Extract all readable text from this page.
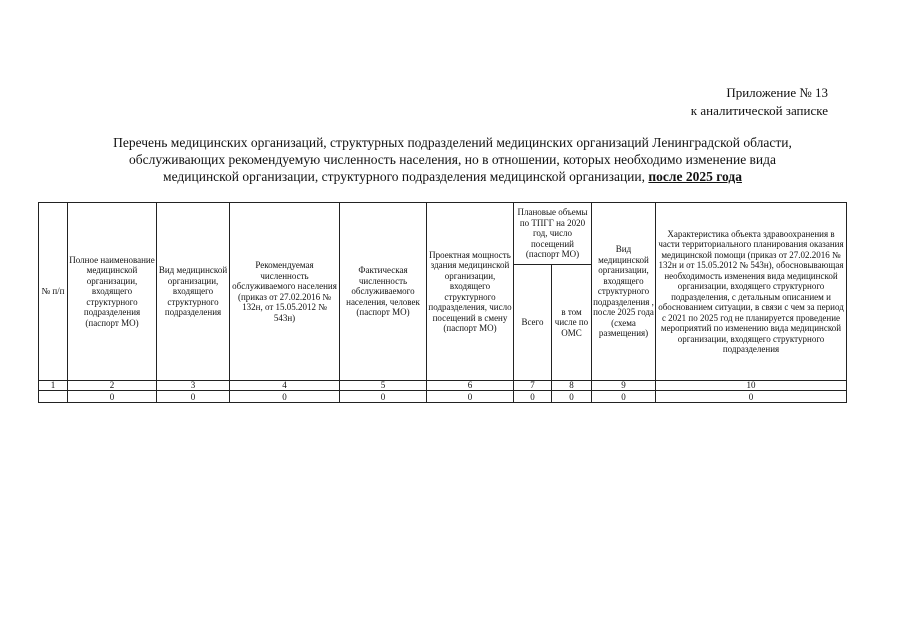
Приложение № 13
к аналитической записке
Перечень медицинских организаций, структурных подразделений медицинских организаций Ленинградской области,
обслуживающих рекомендуемую численность населения, но в отношении, которых необходимо изменение вида
медицинской организации, структурного подразделения медицинской организации, после 2025 года
№ п/п	Полное наименование медицинской организации, входящего структурного подразделения (паспорт МО)	Вид медицинской организации, входящего структурного подразделения	Рекомендуемая численность обслуживаемого населения (приказ от 27.02.2016 № 132н, от 15.05.2012 № 543н)	Фактическая численность обслуживаемого населения, человек (паспорт МО)	Проектная мощность здания медицинской организации, входящего структурного подразделения, число посещений в смену (паспорт МО)	Плановые объемы по ТПГГ на 2020 год, число посещений (паспорт МО)		Вид медицинской организации, входящего структурного подразделения , после 2025 года (схема размещения)	Характеристика объекта здравоохранения в части территориального планирования оказания медицинской помощи (приказ от 27.02.2016 № 132н и от 15.05.2012 № 543н), обосновывающая необходимость изменения вида медицинской организации, входящего структурного подразделения, с детальным описанием и обоснованием ситуации, в связи с чем за период с 2021 по 2025 год не планируется проведение мероприятий по изменению вида медицинской организации, входящего структурного подразделения
						Всего	в том числе по ОМС		
1	2	3	4	5	6	7	8	9	10
	0	0	0	0	0	0	0	0	0
